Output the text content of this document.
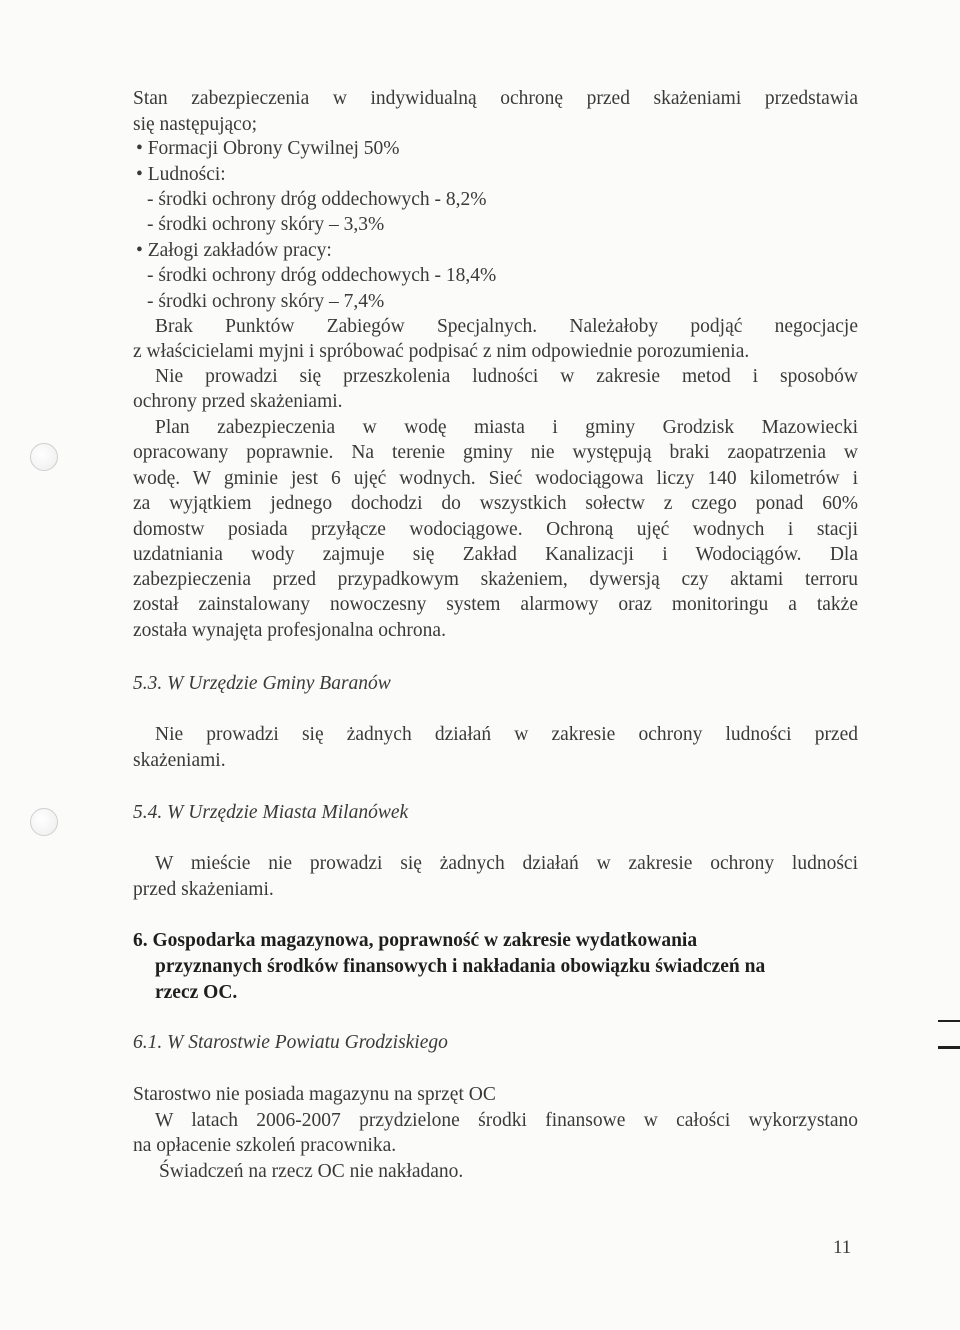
Stan zabezpieczenia w indywidualną ochronę przed skażeniami przedstawia
się następująco;
• Formacji Obrony Cywilnej 50%
• Ludności:
- środki ochrony dróg oddechowych - 8,2%
- środki ochrony skóry – 3,3%
• Załogi zakładów pracy:
- środki ochrony dróg oddechowych - 18,4%
- środki ochrony skóry – 7,4%
Brak Punktów Zabiegów Specjalnych. Należałoby podjąć negocjacje
z właścicielami myjni i spróbować podpisać z nim odpowiednie porozumienia.
Nie prowadzi się przeszkolenia ludności w zakresie metod i sposobów
ochrony przed skażeniami.
Plan zabezpieczenia w wodę miasta i gminy Grodzisk Mazowiecki
opracowany poprawnie. Na terenie gminy nie występują braki zaopatrzenia w
wodę. W gminie jest 6 ujęć wodnych. Sieć wodociągowa liczy 140 kilometrów i
za wyjątkiem jednego dochodzi do wszystkich sołectw z czego ponad 60%
domostw posiada przyłącze wodociągowe. Ochroną ujęć wodnych i stacji
uzdatniania wody zajmuje się Zakład Kanalizacji i Wodociągów. Dla
zabezpieczenia przed przypadkowym skażeniem, dywersją czy aktami terroru
został zainstalowany nowoczesny system alarmowy oraz monitoringu a także
została wynajęta profesjonalna ochrona.
5.3. W Urzędzie Gminy Baranów
Nie prowadzi się żadnych działań w zakresie ochrony ludności przed
skażeniami.
5.4. W Urzędzie Miasta Milanówek
W mieście nie prowadzi się żadnych działań w zakresie ochrony ludności
przed skażeniami.
6. Gospodarka magazynowa, poprawność w zakresie wydatkowania
przyznanych środków finansowych i nakładania obowiązku świadczeń na
rzecz OC.
6.1. W Starostwie Powiatu Grodziskiego
Starostwo nie posiada magazynu na sprzęt OC
W latach 2006-2007 przydzielone środki finansowe w całości wykorzystano
na opłacenie szkoleń pracownika.
Świadczeń na rzecz OC nie nakładano.
11
